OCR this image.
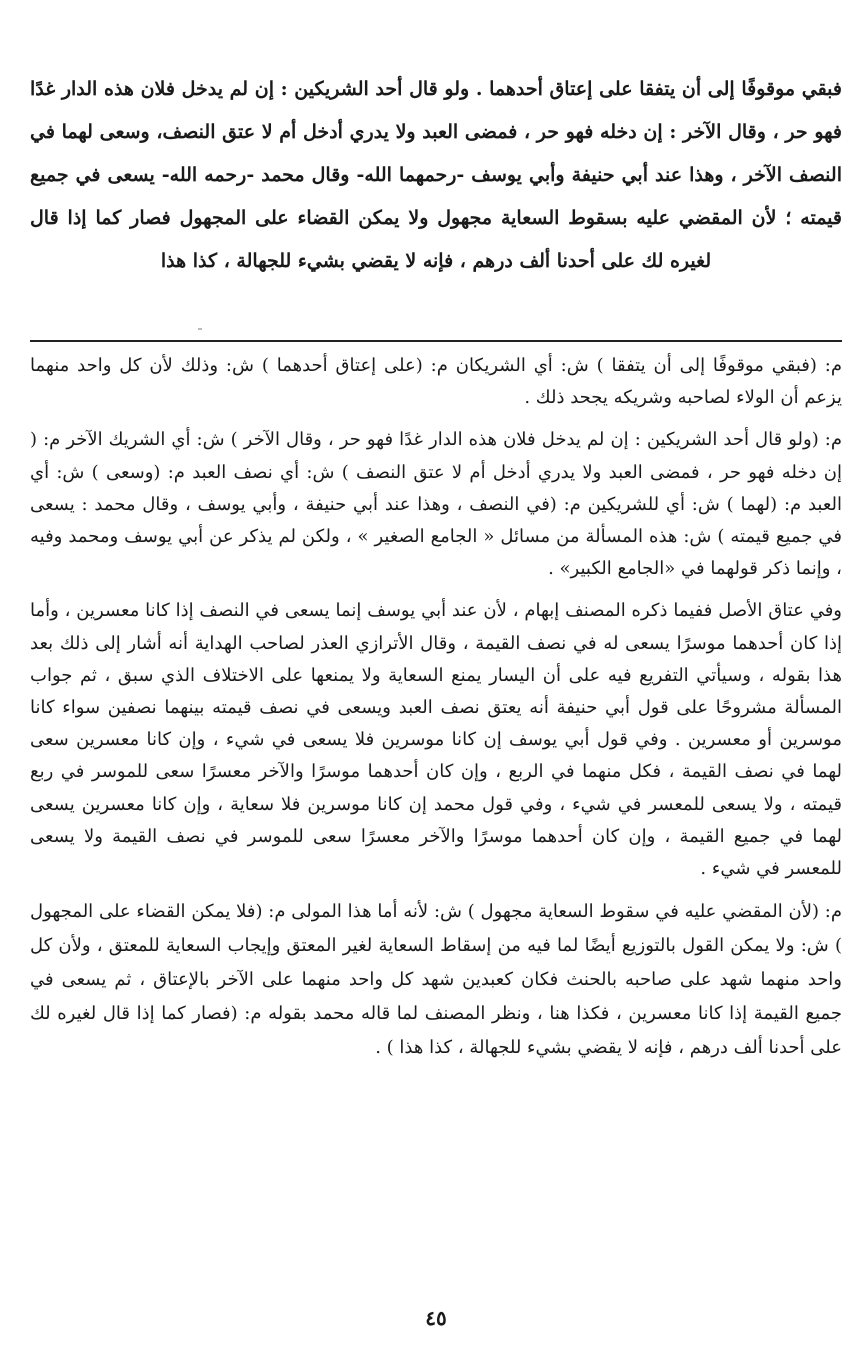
فبقي موقوفًا إلى أن يتفقا على إعتاق أحدهما . ولو قال أحد الشريكين : إن لم يدخل فلان هذه الدار غدًا فهو حر ، وقال الآخر : إن دخله فهو حر ، فمضى العبد ولا يدري أدخل أم لا عتق النصف، وسعى لهما في النصف الآخر ، وهذا عند أبي حنيفة وأبي يوسف -رحمهما الله- وقال محمد -رحمه الله- يسعى في جميع قيمته ؛ لأن المقضي عليه بسقوط السعاية مجهول ولا يمكن القضاء على المجهول فصار كما إذا قال لغيره لك على أحدنا ألف درهم ، فإنه لا يقضي بشيء للجهالة ، كذا هذا

م: (فبقي موقوفًا إلى أن يتفقا ) ش: أي الشريكان م: (على إعتاق أحدهما ) ش: وذلك لأن كل واحد منهما يزعم أن الولاء لصاحبه وشريكه يجحد ذلك .

م: (ولو قال أحد الشريكين : إن لم يدخل فلان هذه الدار غدًا فهو حر ، وقال الآخر ) ش: أي الشريك الآخر م: ( إن دخله فهو حر ، فمضى العبد ولا يدري أدخل أم لا عتق النصف ) ش: أي نصف العبد م: (وسعى ) ش: أي العبد م: (لهما ) ش: أي للشريكين م: (في النصف ، وهذا عند أبي حنيفة ، وأبي يوسف ، وقال محمد : يسعى في جميع قيمته ) ش: هذه المسألة من مسائل « الجامع الصغير » ، ولكن لم يذكر عن أبي يوسف ومحمد وفيه ، وإنما ذكر قولهما في «الجامع الكبير» .

وفي عتاق الأصل ففيما ذكره المصنف إبهام ، لأن عند أبي يوسف إنما يسعى في النصف إذا كانا معسرين ، وأما إذا كان أحدهما موسرًا يسعى له في نصف القيمة ، وقال الأترازي العذر لصاحب الهداية أنه أشار إلى ذلك بعد هذا بقوله ، وسيأتي التفريع فيه على أن اليسار يمنع السعاية ولا يمنعها على الاختلاف الذي سبق ، ثم جواب المسألة مشروحًا على قول أبي حنيفة أنه يعتق نصف العبد ويسعى في نصف قيمته بينهما نصفين سواء كانا موسرين أو معسرين . وفي قول أبي يوسف إن كانا موسرين فلا يسعى في شيء ، وإن كانا معسرين سعى لهما في نصف القيمة ، فكل منهما في الربع ، وإن كان أحدهما موسرًا والآخر معسرًا سعى للموسر في ربع قيمته ، ولا يسعى للمعسر في شيء ، وفي قول محمد إن كانا موسرين فلا سعاية ، وإن كانا معسرين يسعى لهما في جميع القيمة ، وإن كان أحدهما موسرًا والآخر معسرًا سعى للموسر في نصف القيمة ولا يسعى للمعسر في شيء .

م: (لأن المقضي عليه في سقوط السعاية مجهول ) ش: لأنه أما هذا المولى م: (فلا يمكن القضاء على المجهول ) ش: ولا يمكن القول بالتوزيع أيضًا لما فيه من إسقاط السعاية لغير المعتق وإيجاب السعاية للمعتق ، ولأن كل واحد منهما شهد على صاحبه بالحنث فكان كعبدين شهد كل واحد منهما على الآخر بالإعتاق ، ثم يسعى في جميع القيمة إذا كانا معسرين ، فكذا هنا ، ونظر المصنف لما قاله محمد بقوله م: (فصار كما إذا قال لغيره لك على أحدنا ألف درهم ، فإنه لا يقضي بشيء للجهالة ، كذا هذا ) .

٤٥
